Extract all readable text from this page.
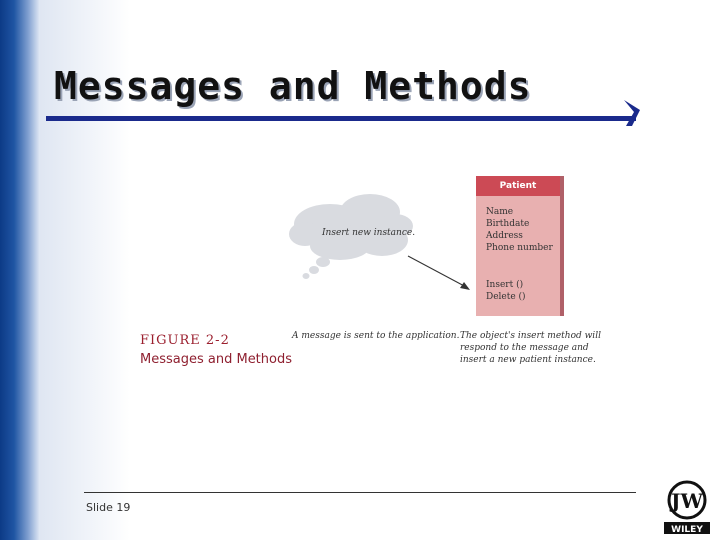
Messages and Methods
Insert new instance.
Patient
Name
Birthdate
Address
Phone number
Insert ()
Delete ()
FIGURE 2-2
Messages and Methods
A message is sent to the application. The object's insert method will
respond to the message and
insert a new patient instance.
Slide 19	JW
WILEY
